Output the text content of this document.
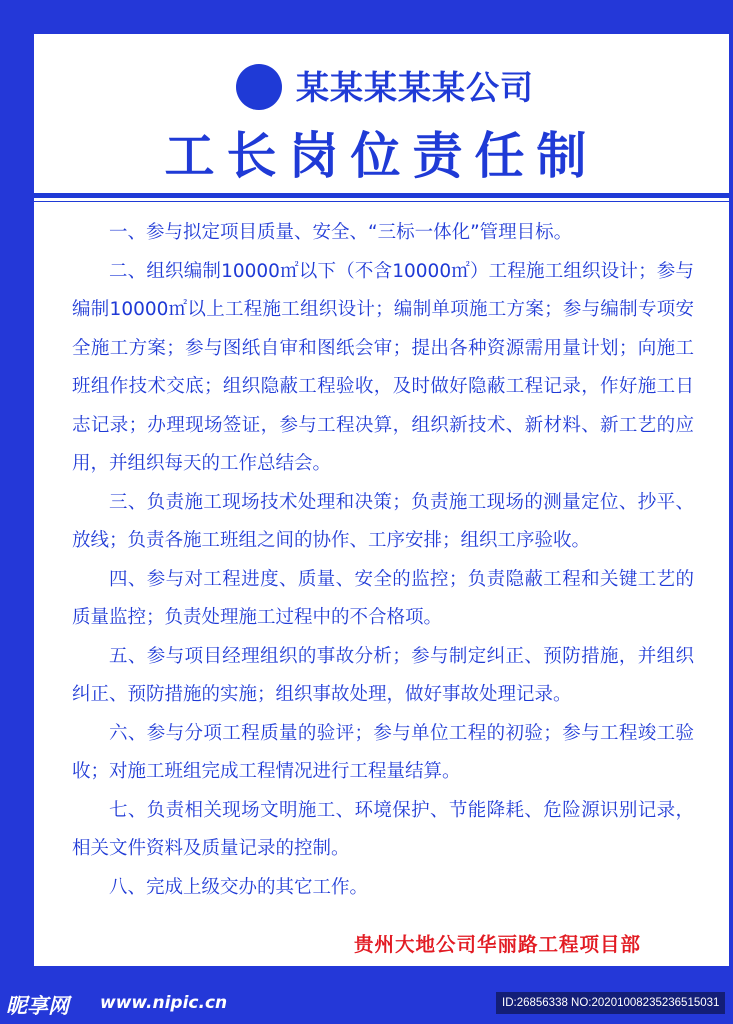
某某某某某公司
工长岗位责任制

一、参与拟定项目质量、安全、“三标一体化”管理目标。

二、组织编制10000㎡以下（不含10000㎡）工程施工组织设计；参与编制10000㎡以上工程施工组织设计；编制单项施工方案；参与编制专项安全施工方案；参与图纸自审和图纸会审；提出各种资源需用量计划；向施工班组作技术交底；组织隐蔽工程验收，及时做好隐蔽工程记录，作好施工日志记录；办理现场签证，参与工程决算，组织新技术、新材料、新工艺的应用，并组织每天的工作总结会。

三、负责施工现场技术处理和决策；负责施工现场的测量定位、抄平、放线；负责各施工班组之间的协作、工序安排；组织工序验收。

四、参与对工程进度、质量、安全的监控；负责隐蔽工程和关键工艺的质量监控；负责处理施工过程中的不合格项。

五、参与项目经理组织的事故分析；参与制定纠正、预防措施，并组织纠正、预防措施的实施；组织事故处理，做好事故处理记录。

六、参与分项工程质量的验评；参与单位工程的初验；参与工程竣工验收；对施工班组完成工程情况进行工程量结算。

七、负责相关现场文明施工、环境保护、节能降耗、危险源识别记录，相关文件资料及质量记录的控制。

八、完成上级交办的其它工作。

贵州大地公司华丽路工程项目部
昵享网 www.nipic.cn	ID:26856338 NO:20201008235236515031
